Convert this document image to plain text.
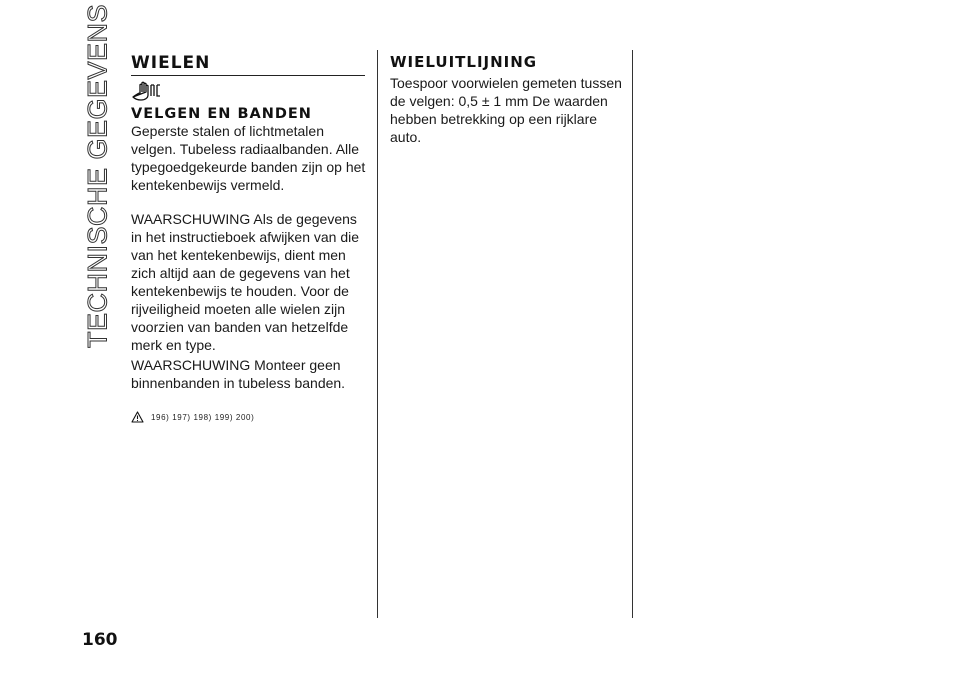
TECHNISCHE GEGEVENS WIELEN
VELGEN EN BANDEN

Geperste stalen of lichtmetalen velgen. Tubeless radiaalbanden. Alle typegoedgekeurde banden zijn op het kentekenbewijs vermeld.

WAARSCHUWING Als de gegevens in het instructieboek afwijken van die van het kentekenbewijs, dient men zich altijd aan de gegevens van het kentekenbewijs te houden. Voor de rijveiligheid moeten alle wielen zijn voorzien van banden van hetzelfde merk en type.

WAARSCHUWING Monteer geen binnenbanden in tubeless banden.

196) 197) 198) 199) 200)
WIELUITLIJNING

Toespoor voorwielen gemeten tussen de velgen: 0,5 ± 1 mm De waarden hebben betrekking op een rijklare auto.

160
